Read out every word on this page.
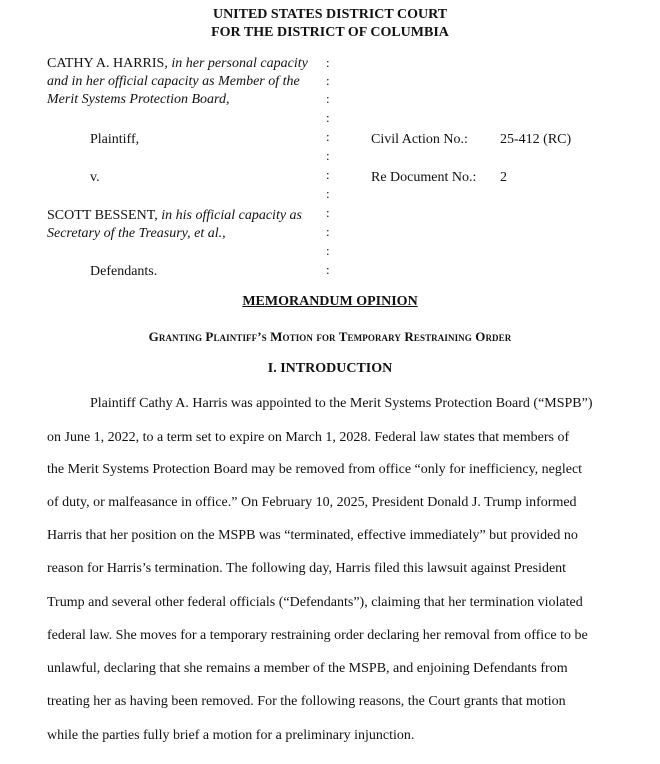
UNITED STATES DISTRICT COURT
FOR THE DISTRICT OF COLUMBIA
CATHY A. HARRIS, in her personal capacity
and in her official capacity as Member of the
Merit Systems Protection Board,
Plaintiff,
v.
SCOTT BESSENT, in his official capacity as
Secretary of the Treasury, et al.,
Defendants.
Civil Action No.: 25-412 (RC)
Re Document No.: 2
:
:
:
:
:
:
:
:
:
:
:
:
MEMORANDUM OPINION
Granting Plaintiff’s Motion for Temporary Restraining Order
I. INTRODUCTION
Plaintiff Cathy A. Harris was appointed to the Merit Systems Protection Board (“MSPB”)
on June 1, 2022, to a term set to expire on March 1, 2028. Federal law states that members of
the Merit Systems Protection Board may be removed from office “only for inefficiency, neglect
of duty, or malfeasance in office.” On February 10, 2025, President Donald J. Trump informed
Harris that her position on the MSPB was “terminated, effective immediately” but provided no
reason for Harris’s termination. The following day, Harris filed this lawsuit against President
Trump and several other federal officials (“Defendants”), claiming that her termination violated
federal law. She moves for a temporary restraining order declaring her removal from office to be
unlawful, declaring that she remains a member of the MSPB, and enjoining Defendants from
treating her as having been removed. For the following reasons, the Court grants that motion
while the parties fully brief a motion for a preliminary injunction.
